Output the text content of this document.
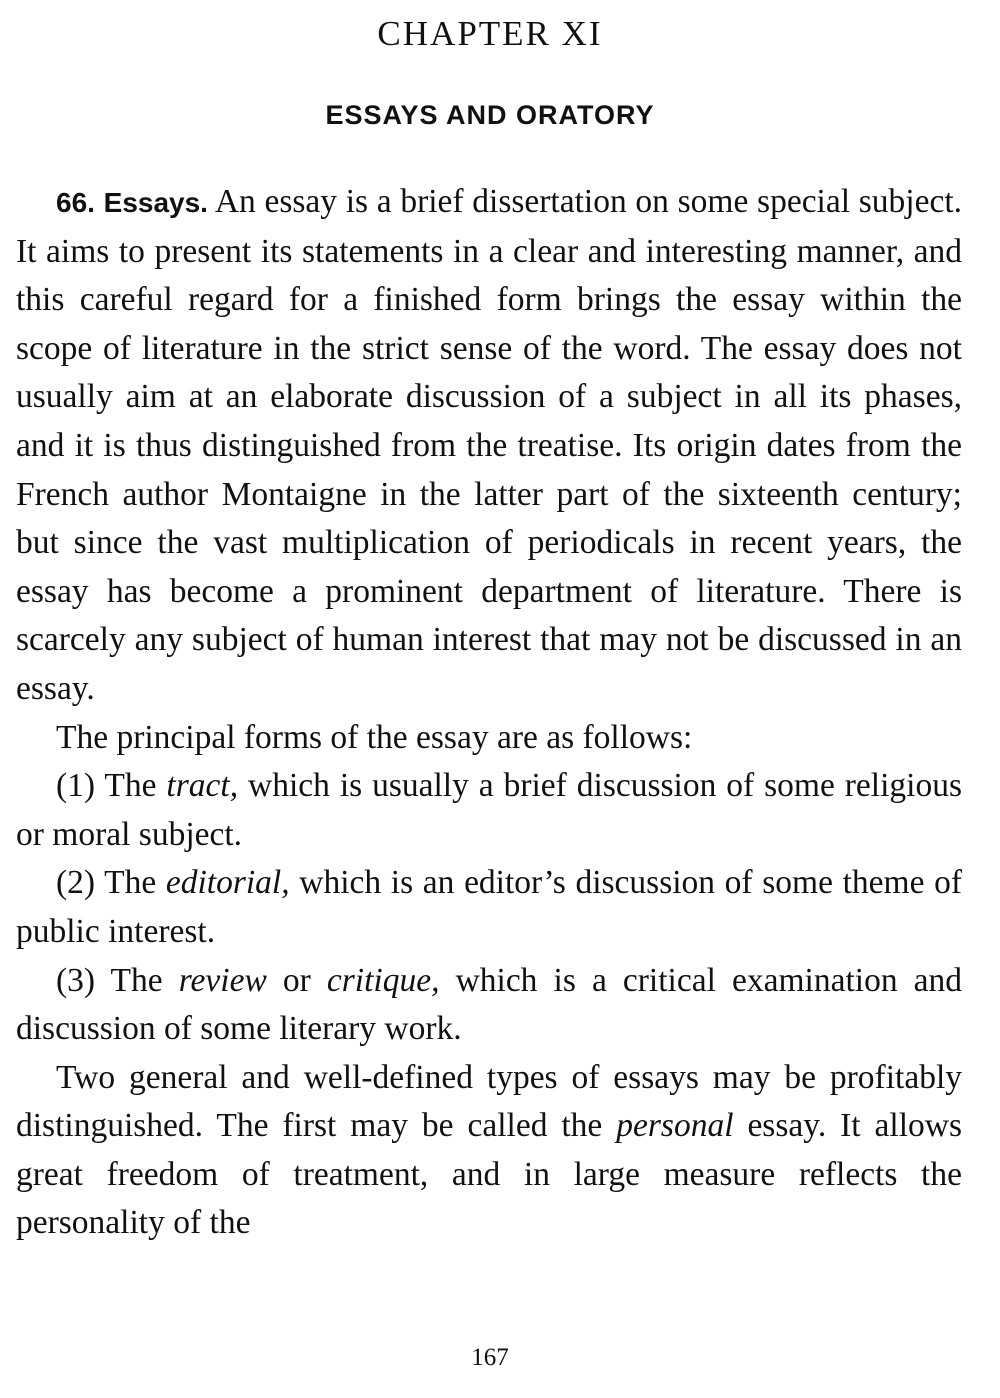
CHAPTER XI
ESSAYS AND ORATORY

66. Essays. An essay is a brief dissertation on some special subject. It aims to present its statements in a clear and interesting manner, and this careful regard for a finished form brings the essay within the scope of literature in the strict sense of the word. The essay does not usually aim at an elaborate discussion of a subject in all its phases, and it is thus distinguished from the treatise. Its origin dates from the French author Montaigne in the latter part of the sixteenth century; but since the vast multiplication of periodicals in recent years, the essay has become a prominent department of literature. There is scarcely any subject of human interest that may not be discussed in an essay.

The principal forms of the essay are as follows:

(1) The tract, which is usually a brief discussion of some religious or moral subject.

(2) The editorial, which is an editor’s discussion of some theme of public interest.

(3) The review or critique, which is a critical examination and discussion of some literary work.

Two general and well-defined types of essays may be profitably distinguished. The first may be called the personal essay. It allows great freedom of treatment, and in large measure reflects the personality of the

167
